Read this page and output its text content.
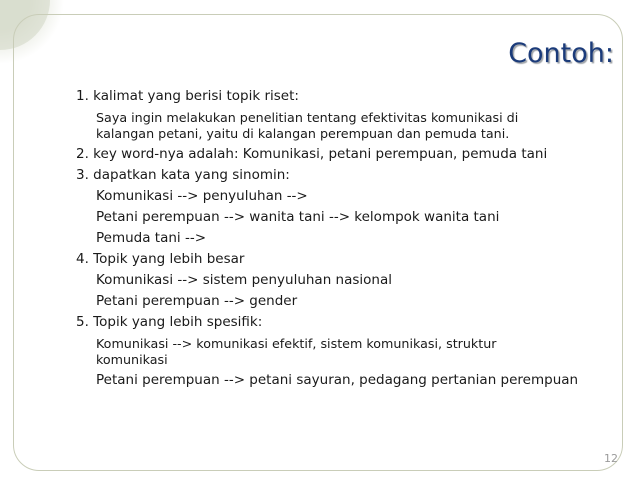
Contoh:
1. kalimat yang berisi topik riset:
Saya ingin melakukan penelitian tentang efektivitas komunikasi di
kalangan petani, yaitu di kalangan perempuan dan pemuda tani.
2. key word-nya adalah: Komunikasi, petani perempuan, pemuda tani
3. dapatkan kata yang sinomin:
Komunikasi --> penyuluhan -->
Petani perempuan --> wanita tani --> kelompok wanita tani
Pemuda tani -->
4. Topik yang lebih besar
Komunikasi --> sistem penyuluhan nasional
Petani perempuan --> gender
5. Topik yang lebih spesifik:
Komunikasi --> komunikasi efektif, sistem komunikasi, struktur
komunikasi
Petani perempuan --> petani sayuran, pedagang pertanian perempuan
12
